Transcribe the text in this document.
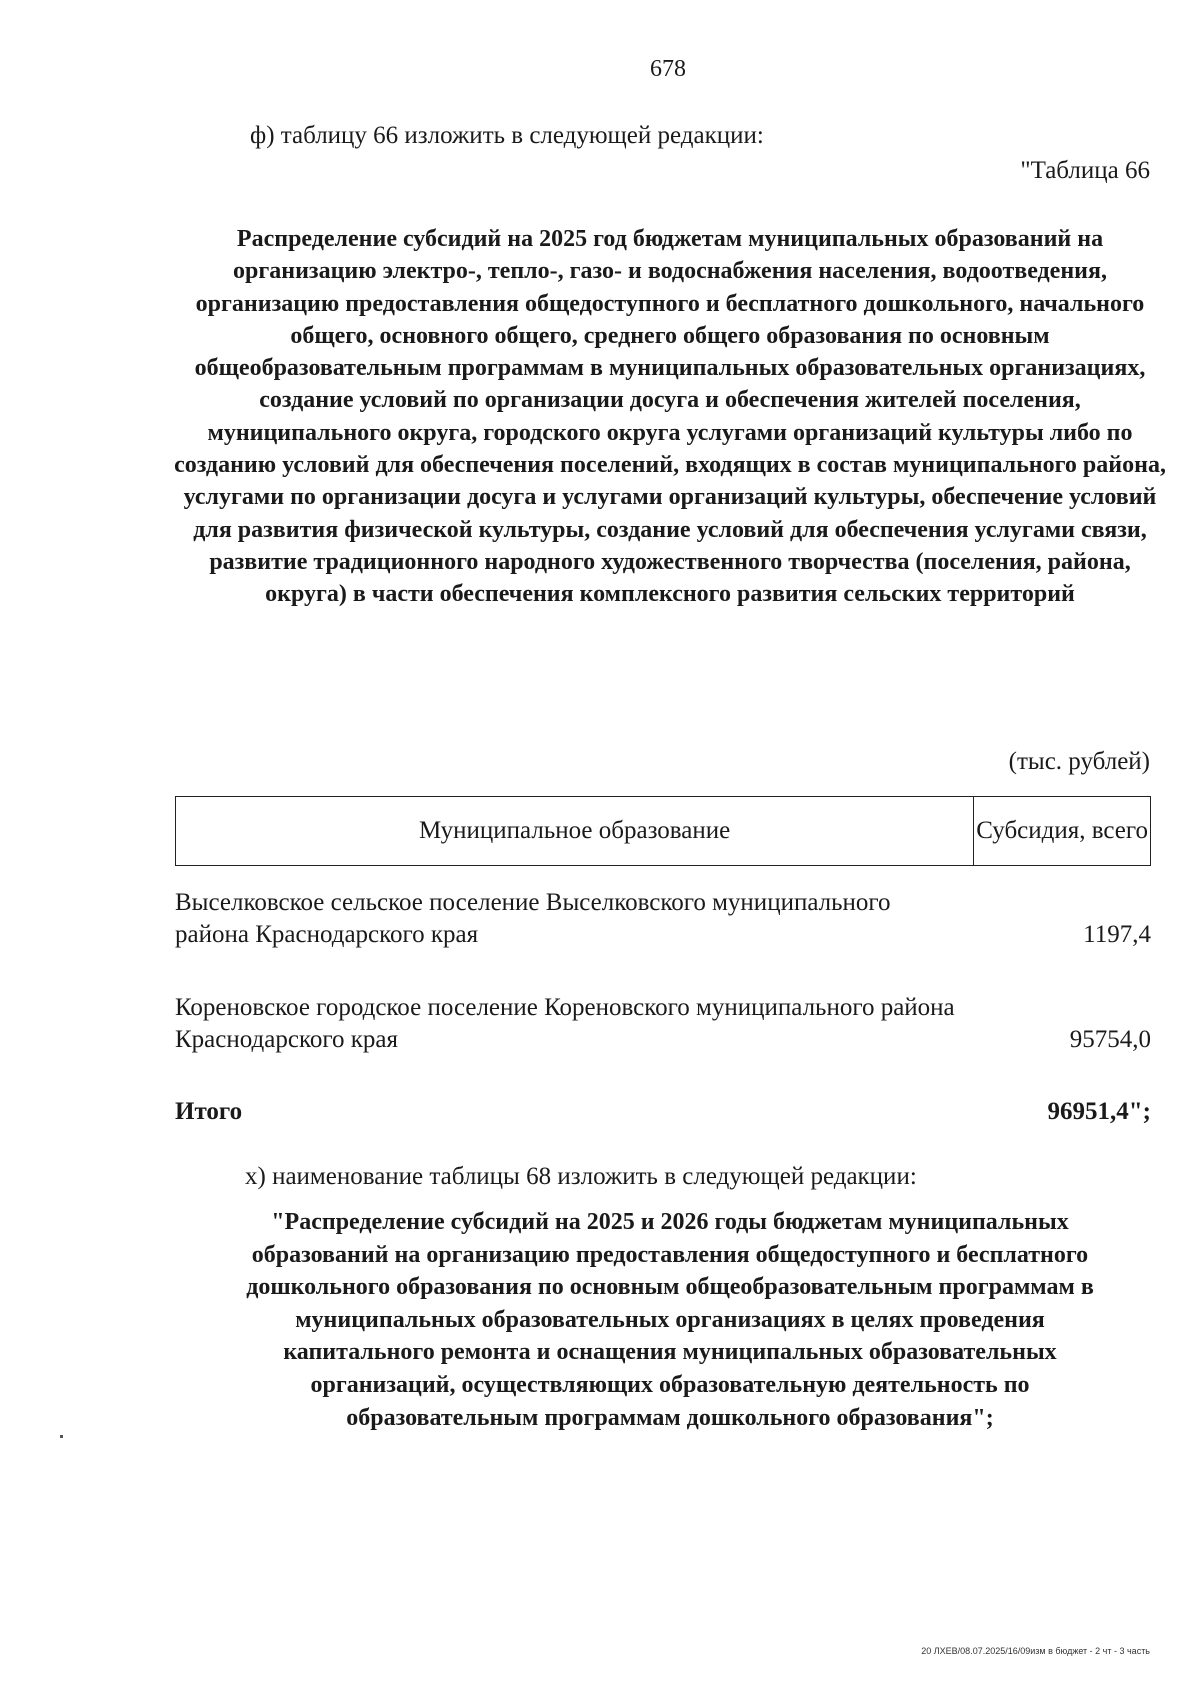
678
ф) таблицу 66 изложить в следующей редакции:
"Таблица 66
Распределение субсидий на 2025 год бюджетам муниципальных образований на организацию электро-, тепло-, газо- и водоснабжения населения, водоотведения, организацию предоставления общедоступного и бесплатного дошкольного, начального общего, основного общего, среднего общего образования по основным общеобразовательным программам в муниципальных образовательных организациях, создание условий по организации досуга и обеспечения жителей поселения, муниципального округа, городского округа услугами организаций культуры либо по созданию условий для обеспечения поселений, входящих в состав муниципального района, услугами по организации досуга и услугами организаций культуры, обеспечение условий для развития физической культуры, создание условий для обеспечения услугами связи, развитие традиционного народного художественного творчества (поселения, района, округа) в части обеспечения комплексного развития сельских территорий
(тыс. рублей)
Муниципальное образование	Субсидия, всего
Выселковское сельское поселение Выселковского муниципального района Краснодарского края	1197,4
Кореновское городское поселение Кореновского муниципального района Краснодарского края	95754,0
Итого	96951,4";
х) наименование таблицы 68 изложить в следующей редакции:
"Распределение субсидий на 2025 и 2026 годы бюджетам муниципальных образований на организацию предоставления общедоступного и бесплатного дошкольного образования по основным общеобразовательным программам в муниципальных образовательных организациях в целях проведения капитального ремонта и оснащения муниципальных образовательных организаций, осуществляющих образовательную деятельность по образовательным программам дошкольного образования";
20 ЛХЕВ/08.07.2025/16/09изм в бюджет - 2 чт - 3 часть
